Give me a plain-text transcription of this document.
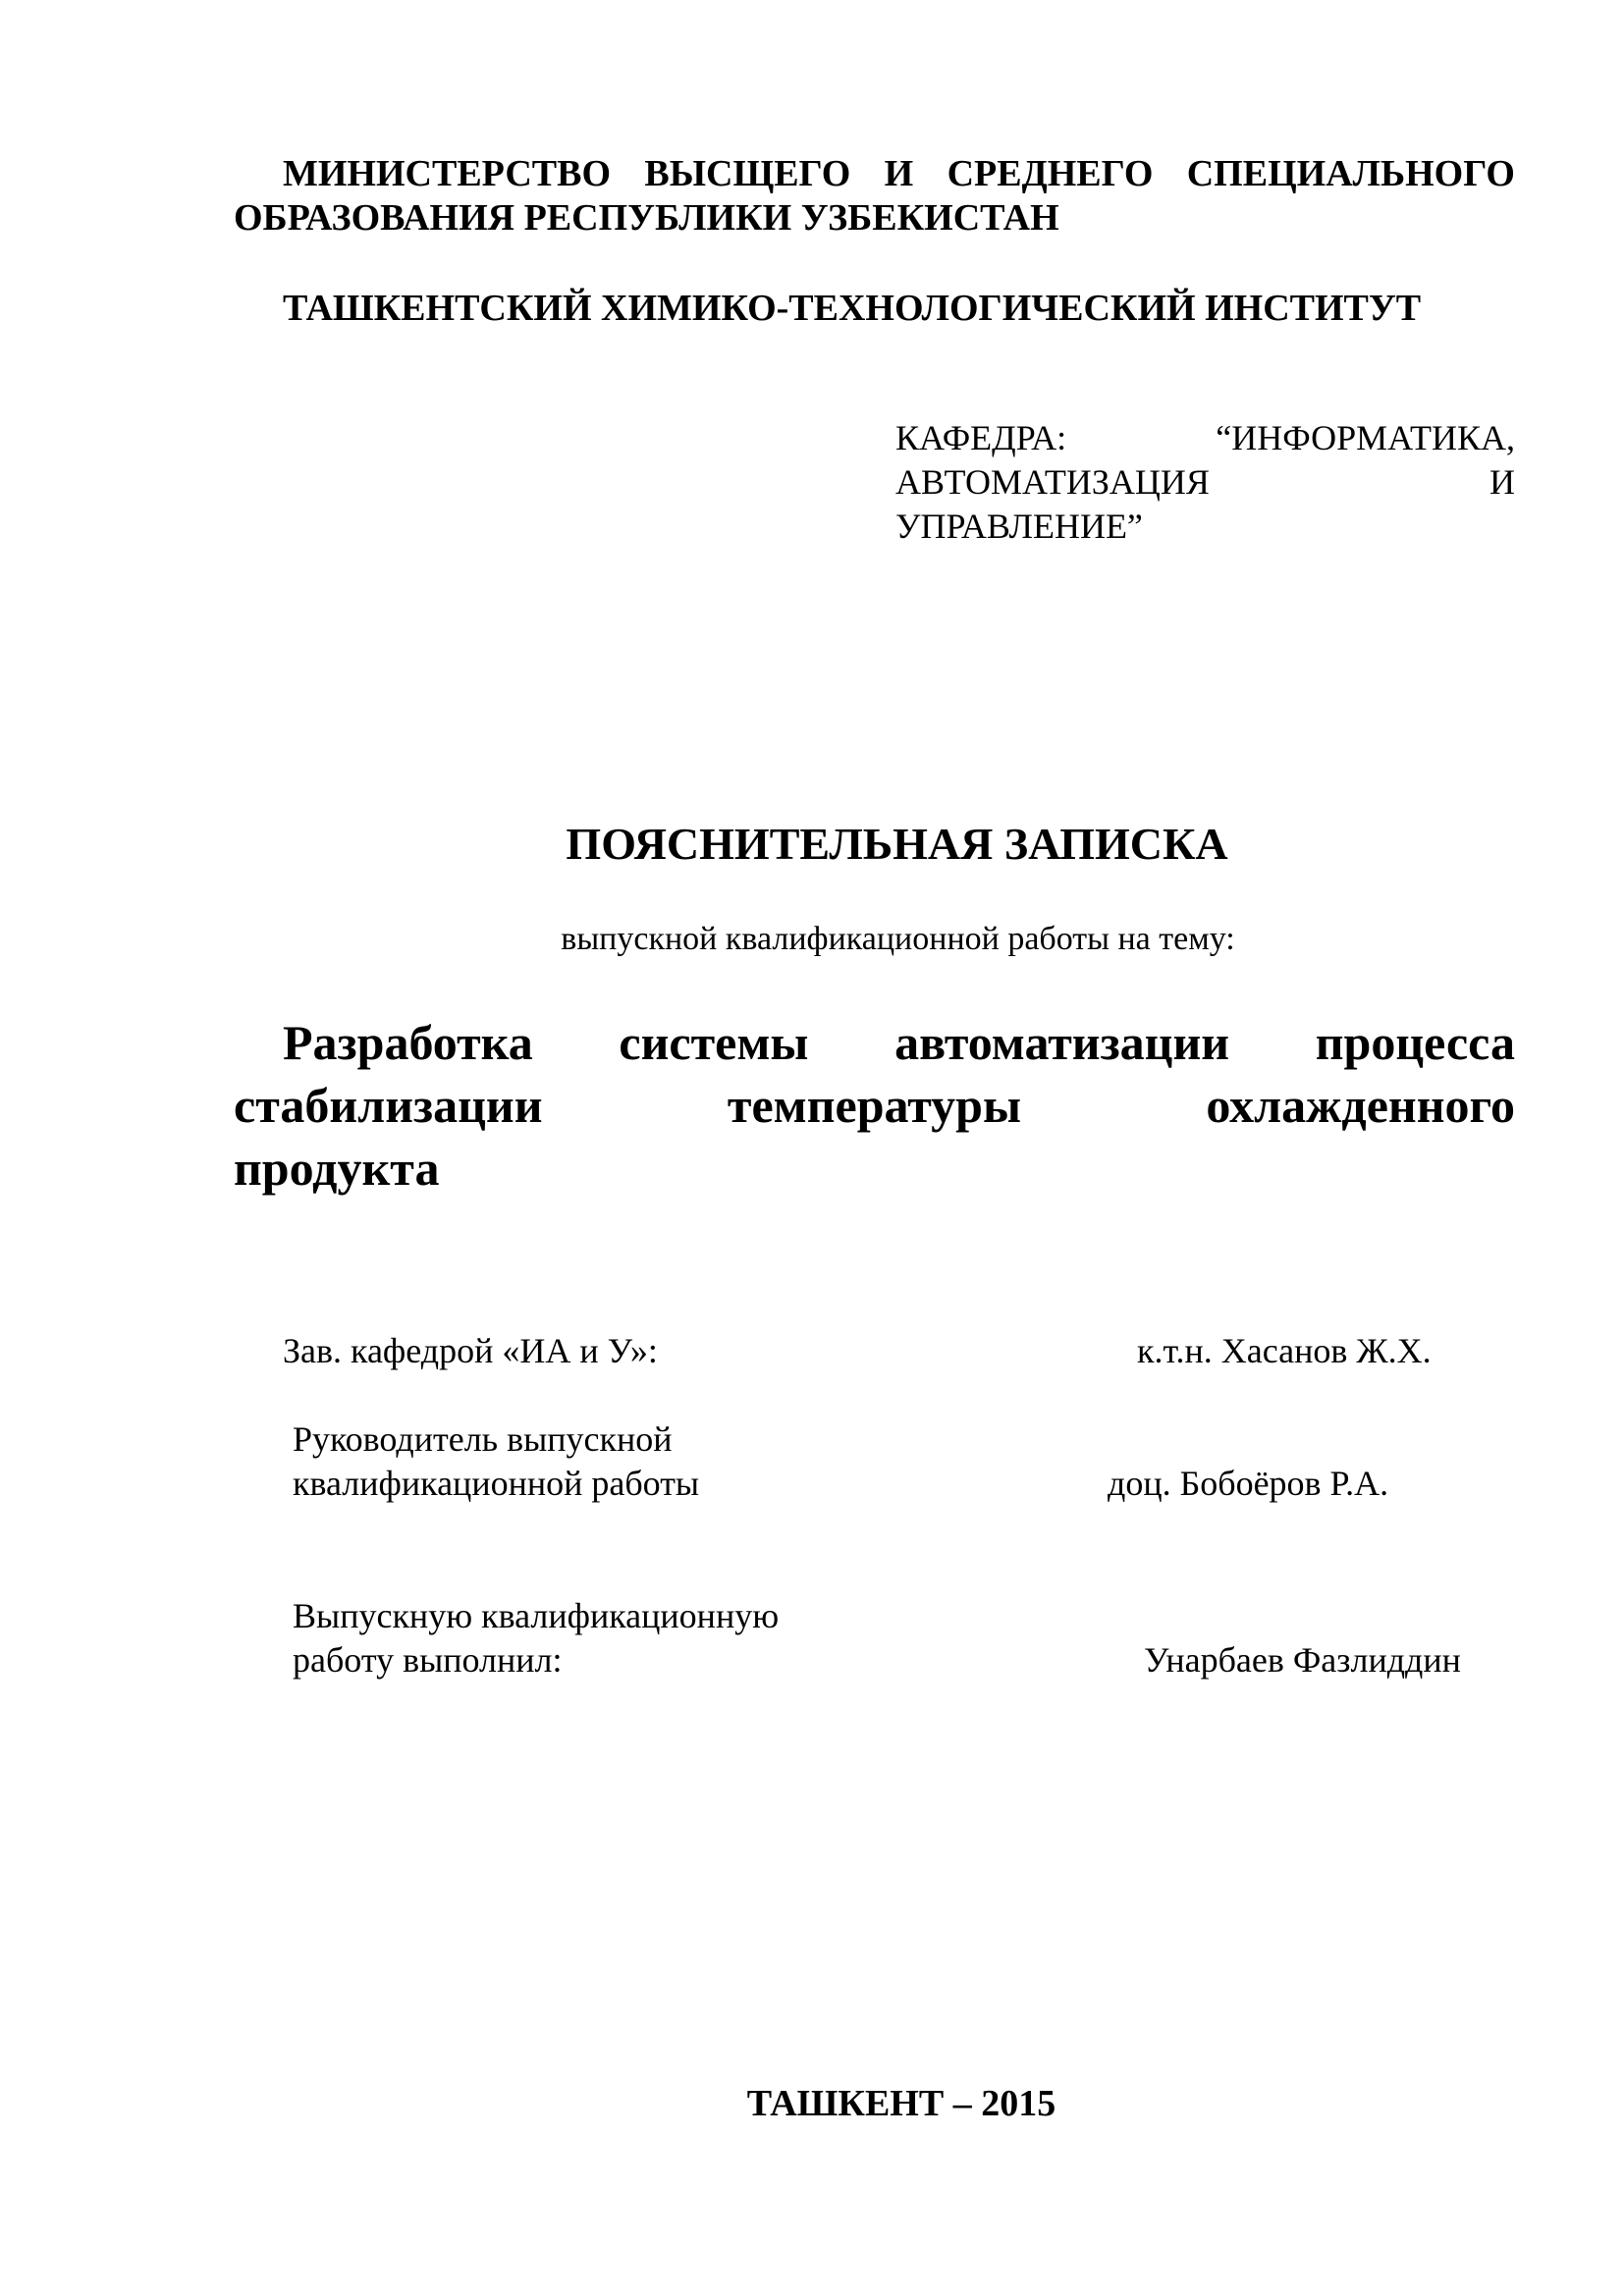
МИНИСТЕРСТВО ВЫСЩЕГО И СРЕДНЕГО СПЕЦИАЛЬНОГО
ОБРАЗОВАНИЯ РЕСПУБЛИКИ УЗБЕКИСТАН
ТАШКЕНТСКИЙ ХИМИКО-ТЕХНОЛОГИЧЕСКИЙ ИНСТИТУТ
КАФЕДРА:	“ИНФОРМАТИКА,
АВТОМАТИЗАЦИЯ	И
УПРАВЛЕНИЕ”
ПОЯСНИТЕЛЬНАЯ ЗАПИСКА
выпускной квалификационной работы на тему:
Разработка системы автоматизации процесса
стабилизации	температуры	охлажденного
продукта
Зав. кафедрой «ИА и У»:	к.т.н. Хасанов Ж.Х.
Руководитель выпускной
квалификационной работы	доц. Бобоёров Р.А.
Выпускную квалификационную
работу выполнил:	Унарбаев Фазлиддин
ТАШКЕНТ – 2015
